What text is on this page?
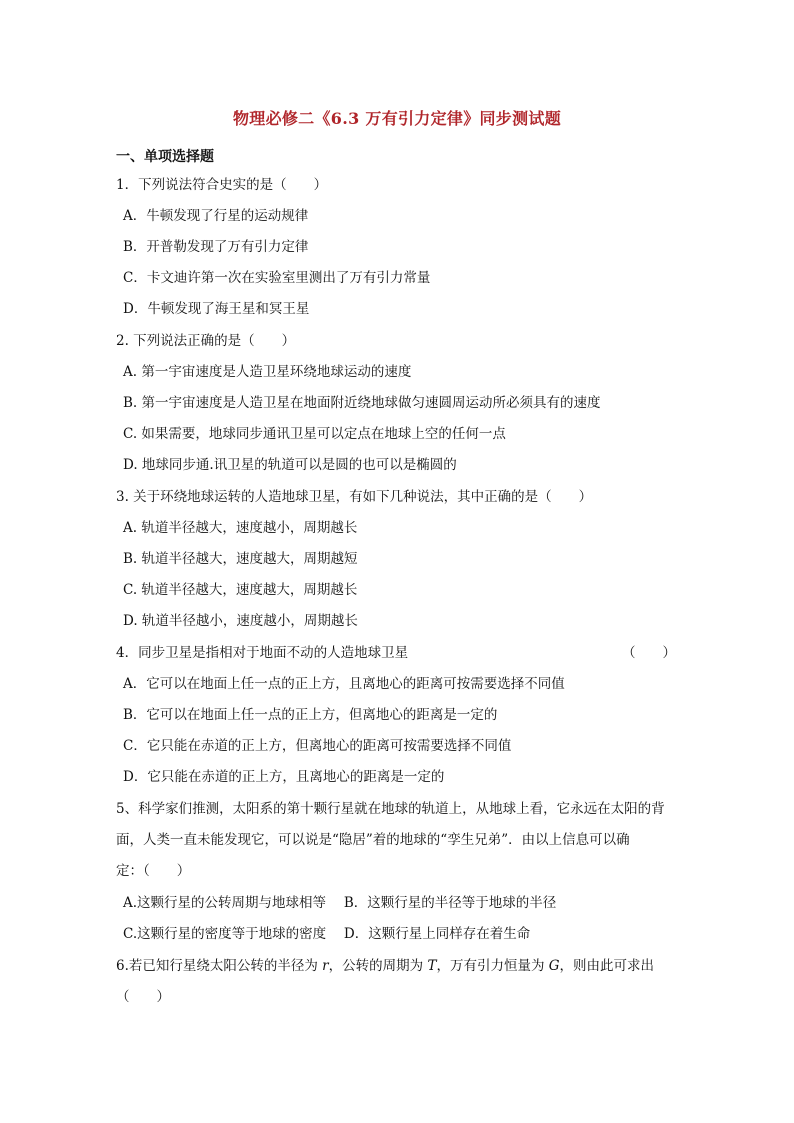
物理必修二《6.3 万有引力定律》同步测试题
一、单项选择题
1．下列说法符合史实的是（　　）
A．牛顿发现了行星的运动规律
B．开普勒发现了万有引力定律
C．卡文迪许第一次在实验室里测出了万有引力常量
D．牛顿发现了海王星和冥王星
2. 下列说法正确的是（　　）
A. 第一宇宙速度是人造卫星环绕地球运动的速度
B. 第一宇宙速度是人造卫星在地面附近绕地球做匀速圆周运动所必须具有的速度
C. 如果需要，地球同步通讯卫星可以定点在地球上空的任何一点
D. 地球同步通.讯卫星的轨道可以是圆的也可以是椭圆的
3. 关于环绕地球运转的人造地球卫星，有如下几种说法，其中正确的是（　　）
A. 轨道半径越大，速度越小，周期越长
B. 轨道半径越大，速度越大，周期越短
C. 轨道半径越大，速度越大，周期越长
D. 轨道半径越小，速度越小，周期越长
4．同步卫星是指相对于地面不动的人造地球卫星	（　　）
A．它可以在地面上任一点的正上方，且离地心的距离可按需要选择不同值
B．它可以在地面上任一点的正上方，但离地心的距离是一定的
C．它只能在赤道的正上方，但离地心的距离可按需要选择不同值
D．它只能在赤道的正上方，且离地心的距离是一定的
5、科学家们推测，太阳系的第十颗行星就在地球的轨道上，从地球上看，它永远在太阳的背
面，人类一直未能发现它，可以说是“隐居”着的地球的“孪生兄弟”．由以上信息可以确
定：（　　）
A.这颗行星的公转周期与地球相等　 B．这颗行星的半径等于地球的半径
C.这颗行星的密度等于地球的密度　 D．这颗行星上同样存在着生命
6.若已知行星绕太阳公转的半径为 r，公转的周期为 T，万有引力恒量为 G，则由此可求出
（　　）
